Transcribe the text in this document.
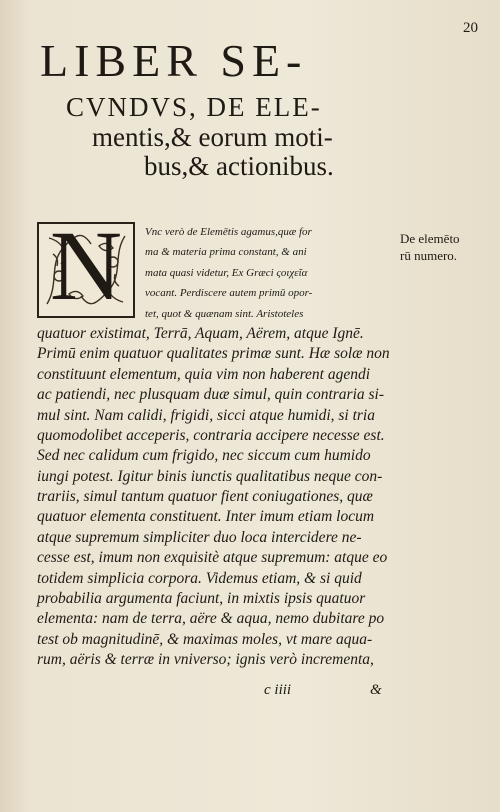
20
LIBER SE-
CVNDVS, DE ELE-
mentis,& eorum moti-
bus,& actionibus.
De elemēto
rū numero.
Vnc verò de Elemētis agamus,quæ for
ma & materia prima constant, & ani
mata quasi videtur, Ex Græci ςοιχεῖα
vocant. Perdiscere autem primū opor-
tet, quot & quænam sint. Aristoteles
quatuor existimat, Terrā, Aquam, Aërem, atque Ignē.
Primū enim quatuor qualitates primæ sunt. Hæ solæ non
constituunt elementum, quia vim non haberent agendi
ac patiendi, nec plusquam duæ simul, quin contraria si-
mul sint. Nam calidi, frigidi, sicci atque humidi, si tria
quomodolibet acceperis, contraria accipere necesse est.
Sed nec calidum cum frigido, nec siccum cum humido
iungi potest. Igitur binis iunctis qualitatibus neque con-
trariis, simul tantum quatuor fient coniugationes, quæ
quatuor elementa constituent. Inter imum etiam locum
atque supremum simpliciter duo loca intercidere ne-
cesse est, imum non exquisitè atque supremum: atque eo
totidem simplicia corpora. Videmus etiam, & si quid
probabilia argumenta faciunt, in mixtis ipsis quatuor
elementa: nam de terra, aëre & aqua, nemo dubitare po
test ob magnitudinē, & maximas moles, vt mare aqua-
rum, aëris & terræ in vniverso; ignis verò incrementa,
N
c iiii	&
